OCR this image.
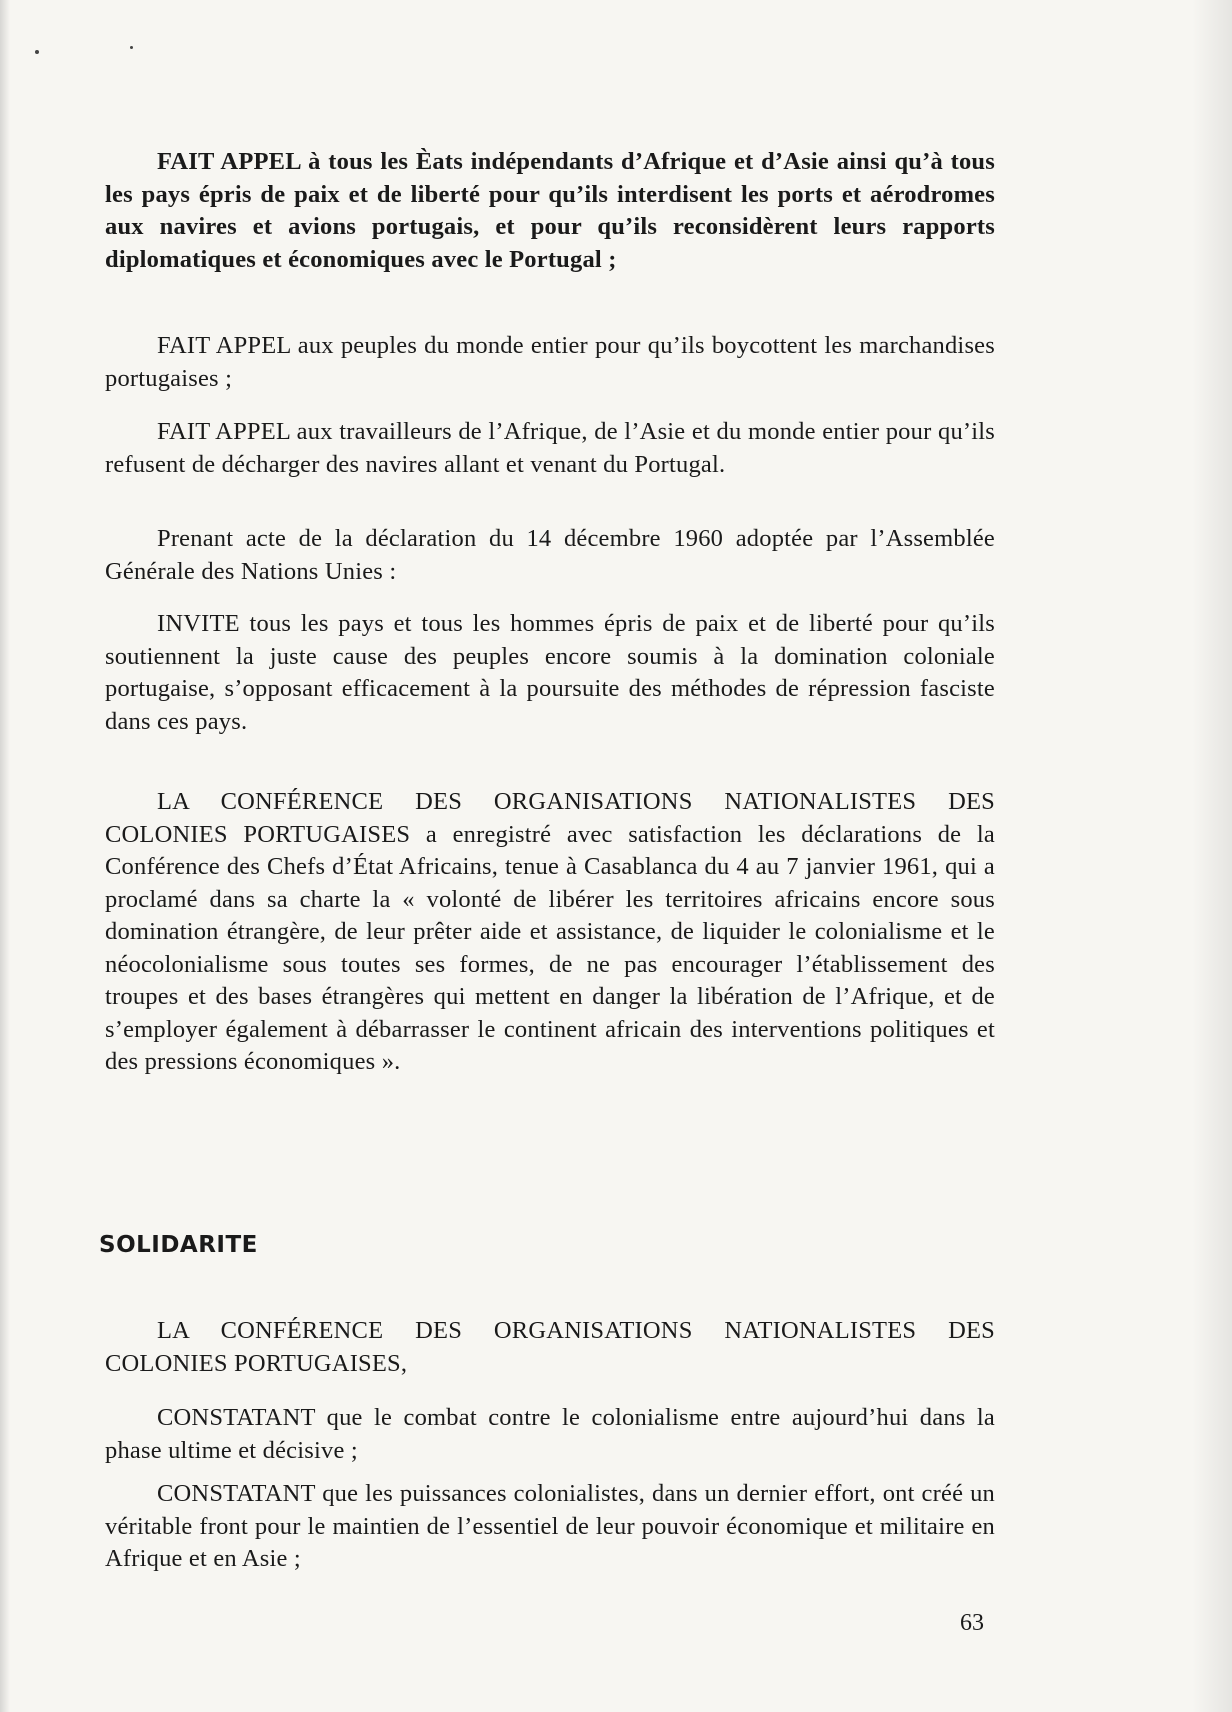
FAIT APPEL à tous les Èats indépendants d’Afrique et d’Asie ainsi qu’à tous les pays épris de paix et de liberté pour qu’ils interdisent les ports et aérodromes aux navires et avions portugais, et pour qu’ils reconsidèrent leurs rapports diplomatiques et économiques avec le Portugal ;

FAIT APPEL aux peuples du monde entier pour qu’ils boycottent les marchandises portugaises ;

FAIT APPEL aux travailleurs de l’Afrique, de l’Asie et du monde entier pour qu’ils refusent de décharger des navires allant et venant du Portugal.

Prenant acte de la déclaration du 14 décembre 1960 adoptée par l’Assemblée Générale des Nations Unies :

INVITE tous les pays et tous les hommes épris de paix et de liberté pour qu’ils soutiennent la juste cause des peuples encore soumis à la domination coloniale portugaise, s’opposant efficacement à la poursuite des méthodes de répression fasciste dans ces pays.

LA CONFÉRENCE DES ORGANISATIONS NATIONALISTES DES COLONIES PORTUGAISES a enregistré avec satisfaction les déclarations de la Conférence des Chefs d’État Africains, tenue à Casablanca du 4 au 7 janvier 1961, qui a proclamé dans sa charte la « volonté de libérer les territoires africains encore sous domination étrangère, de leur prêter aide et assistance, de liquider le colonialisme et le néocolonialisme sous toutes ses formes, de ne pas encourager l’établissement des troupes et des bases étrangères qui mettent en danger la libération de l’Afrique, et de s’employer également à débarrasser le continent africain des interventions politiques et des pressions économiques ».

SOLIDARITE

LA CONFÉRENCE DES ORGANISATIONS NATIONALISTES DES COLONIES PORTUGAISES,

CONSTATANT que le combat contre le colonialisme entre aujourd’hui dans la phase ultime et décisive ;

CONSTATANT que les puissances colonialistes, dans un dernier effort, ont créé un véritable front pour le maintien de l’essentiel de leur pouvoir économique et militaire en Afrique et en Asie ;

63
